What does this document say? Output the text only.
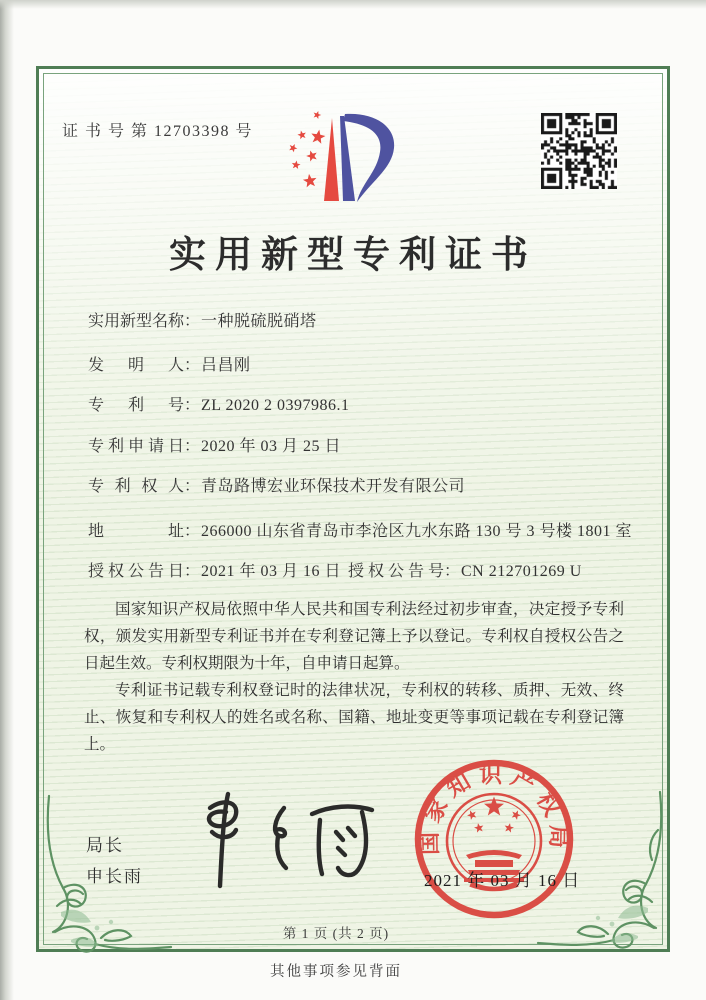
证 书 号 第 12703398 号
实用新型专利证书
实用新型名称：一种脱硫脱硝塔
发明人：吕昌刚
专利号：ZL 2020 2 0397986.1
专利申请日：2020 年 03 月 25 日
专利权人：青岛路博宏业环保技术开发有限公司
地址：266000 山东省青岛市李沧区九水东路 130 号 3 号楼 1801 室
授权公告日：2021 年 03 月 16 日 授权公告号：CN 212701269 U

国家知识产权局依照中华人民共和国专利法经过初步审查，决定授予专利权，颁发实用新型专利证书并在专利登记簿上予以登记。专利权自授权公告之日起生效。专利权期限为十年，自申请日起算。

专利证书记载专利权登记时的法律状况，专利权的转移、质押、无效、终止、恢复和专利权人的姓名或名称、国籍、地址变更等事项记载在专利登记簿上。

局长
申长雨
国家知识产权局
2021 年 03 月 16 日
第 1 页 (共 2 页)
其他事项参见背面
